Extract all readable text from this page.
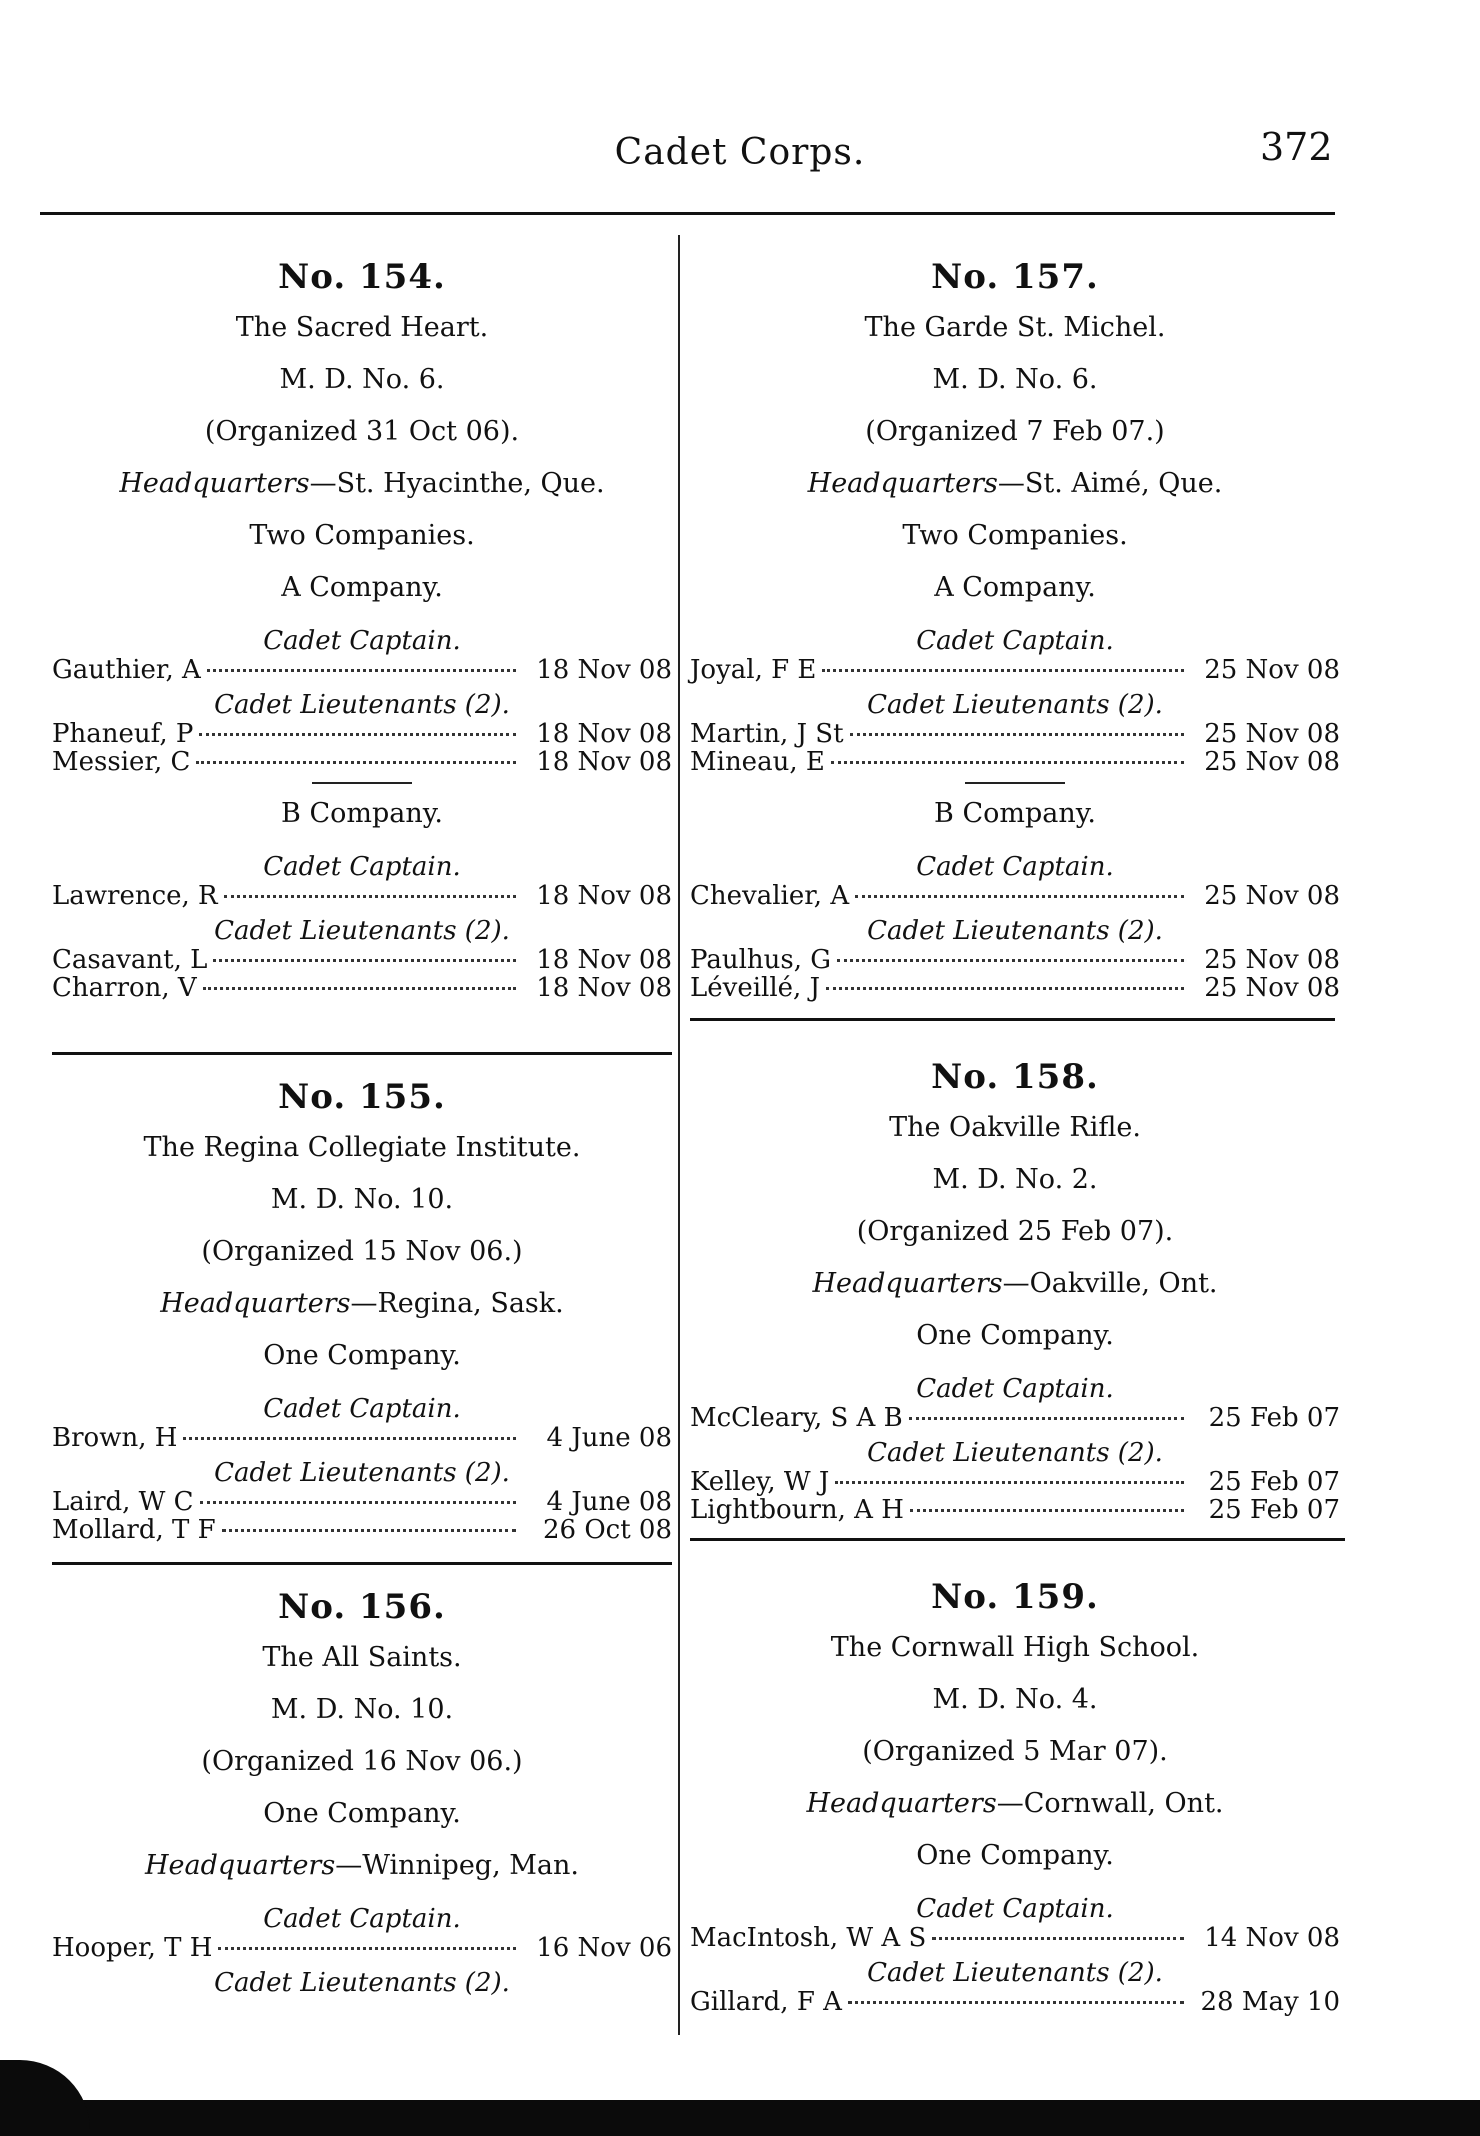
Cadet Corps.	372
No. 154.
The Sacred Heart.
M. D. No. 6.
(Organized 31 Oct 06).
Headquarters—St. Hyacinthe, Que.
Two Companies.
A Company.
Cadet Captain.
Gauthier, A	18 Nov 08
Cadet Lieutenants (2).
Phaneuf, P	18 Nov 08
Messier, C	18 Nov 08
B Company.
Cadet Captain.
Lawrence, R	18 Nov 08
Cadet Lieutenants (2).
Casavant, L	18 Nov 08
Charron, V	18 Nov 08
No. 155.
The Regina Collegiate Institute.
M. D. No. 10.
(Organized 15 Nov 06.)
Headquarters—Regina, Sask.
One Company.
Cadet Captain.
Brown, H	4 June 08
Cadet Lieutenants (2).
Laird, W C	4 June 08
Mollard, T F	26 Oct 08
No. 156.
The All Saints.
M. D. No. 10.
(Organized 16 Nov 06.)
One Company.
Headquarters—Winnipeg, Man.
Cadet Captain.
Hooper, T H	16 Nov 06
Cadet Lieutenants (2).
No. 157.
The Garde St. Michel.
M. D. No. 6.
(Organized 7 Feb 07.)
Headquarters—St. Aimé, Que.
Two Companies.
A Company.
Cadet Captain.
Joyal, F E	25 Nov 08
Cadet Lieutenants (2).
Martin, J St	25 Nov 08
Mineau, E	25 Nov 08
B Company.
Cadet Captain.
Chevalier, A	25 Nov 08
Cadet Lieutenants (2).
Paulhus, G	25 Nov 08
Léveillé, J	25 Nov 08
No. 158.
The Oakville Rifle.
M. D. No. 2.
(Organized 25 Feb 07).
Headquarters—Oakville, Ont.
One Company.
Cadet Captain.
McCleary, S A B	25 Feb 07
Cadet Lieutenants (2).
Kelley, W J	25 Feb 07
Lightbourn, A H	25 Feb 07
No. 159.
The Cornwall High School.
M. D. No. 4.
(Organized 5 Mar 07).
Headquarters—Cornwall, Ont.
One Company.
Cadet Captain.
MacIntosh, W A S	14 Nov 08
Cadet Lieutenants (2).
Gillard, F A	28 May 10
